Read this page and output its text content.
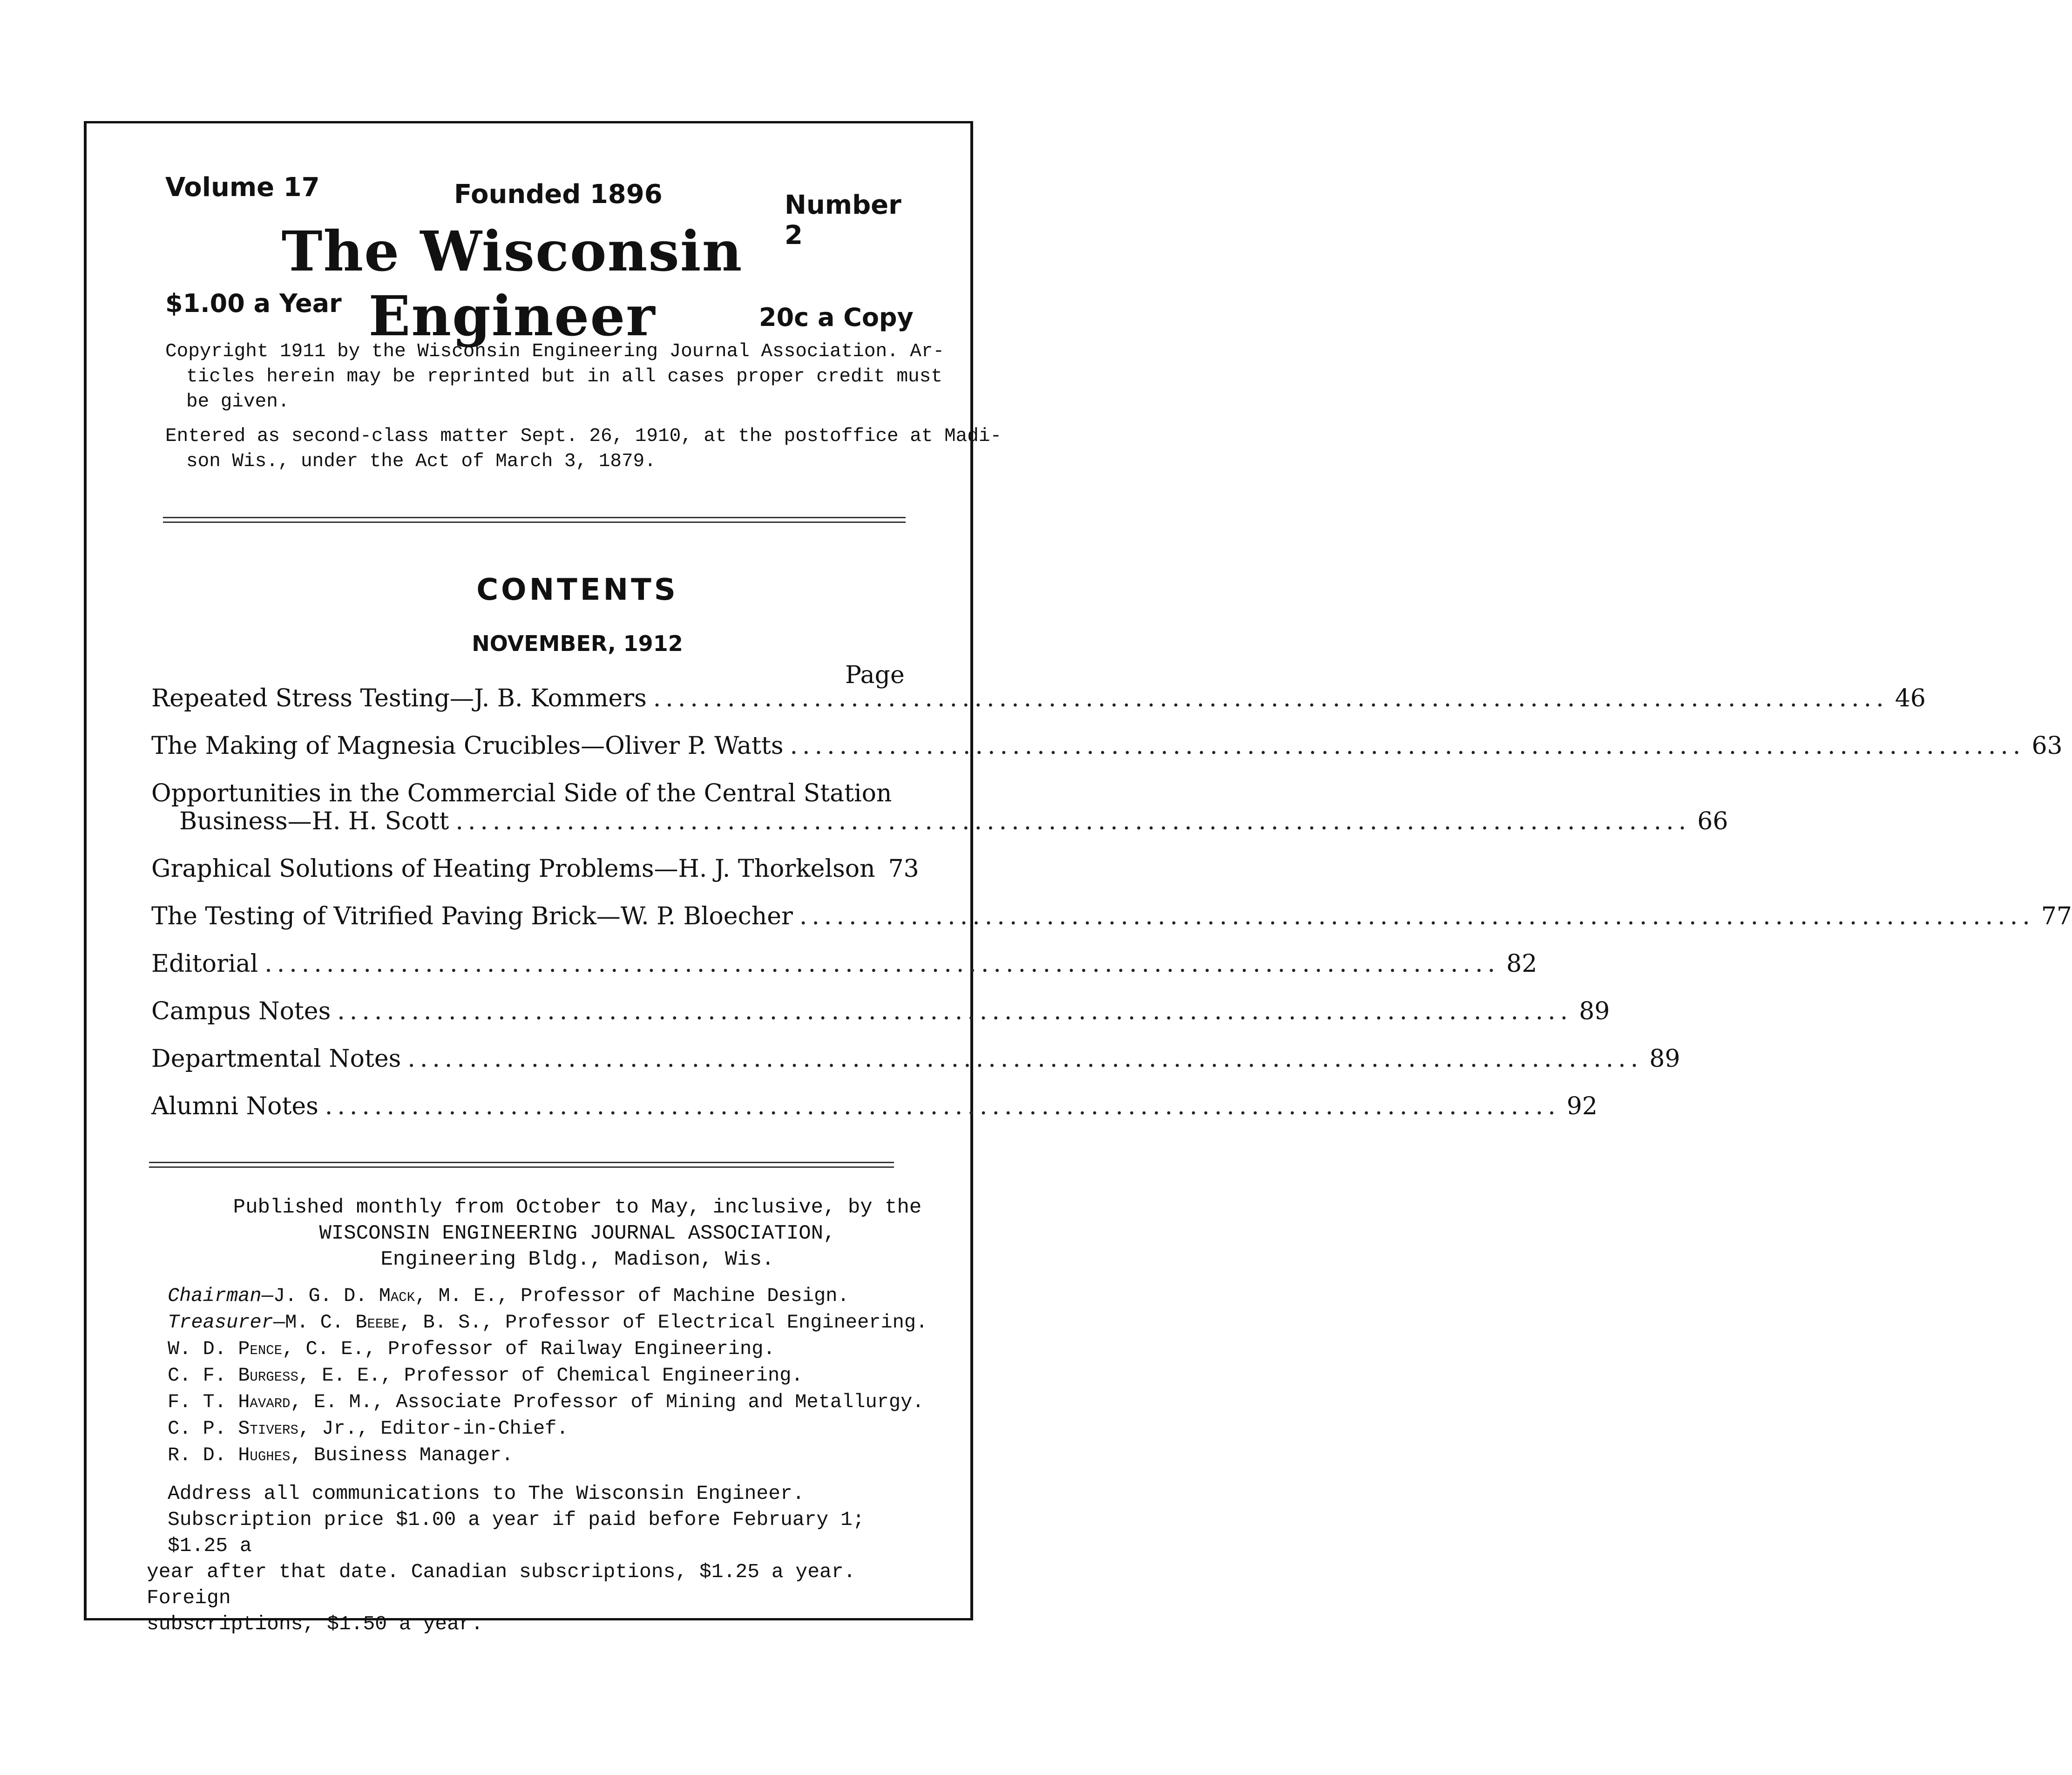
Volume 17	Founded 1896	Number 2
The Wisconsin Engineer
$1.00 a Year	20c a Copy
Copyright 1911 by the Wisconsin Engineering Journal Association. Ar-
ticles herein may be reprinted but in all cases proper credit must
be given.
Entered as second-class matter Sept. 26, 1910, at the postoffice at Madi-
son Wis., under the Act of March 3, 1879.
CONTENTS
NOVEMBER, 1912
Page
Repeated Stress Testing—J. B. Kommers .................................................................................................... 46
The Making of Magnesia Crucibles—Oliver P. Watts .................................................................................................... 63
Opportunities in the Commercial Side of the Central Station
Business—H. H. Scott .................................................................................................... 66
Graphical Solutions of Heating Problems—H. J. Thorkelson 73
The Testing of Vitrified Paving Brick—W. P. Bloecher .................................................................................................... 77
Editorial .................................................................................................... 82
Campus Notes .................................................................................................... 89
Departmental Notes .................................................................................................... 89
Alumni Notes .................................................................................................... 92
Published monthly from October to May, inclusive, by the
WISCONSIN ENGINEERING JOURNAL ASSOCIATION,
Engineering Bldg., Madison, Wis.
Chairman—J. G. D. Mack, M. E., Professor of Machine Design.
Treasurer—M. C. Beebe, B. S., Professor of Electrical Engineering.
W. D. Pence, C. E., Professor of Railway Engineering.
C. F. Burgess, E. E., Professor of Chemical Engineering.
F. T. Havard, E. M., Associate Professor of Mining and Metallurgy.
C. P. Stivers, Jr., Editor-in-Chief.
R. D. Hughes, Business Manager.
Address all communications to The Wisconsin Engineer.
Subscription price $1.00 a year if paid before February 1; $1.25 a
year after that date. Canadian subscriptions, $1.25 a year. Foreign
subscriptions, $1.50 a year.
